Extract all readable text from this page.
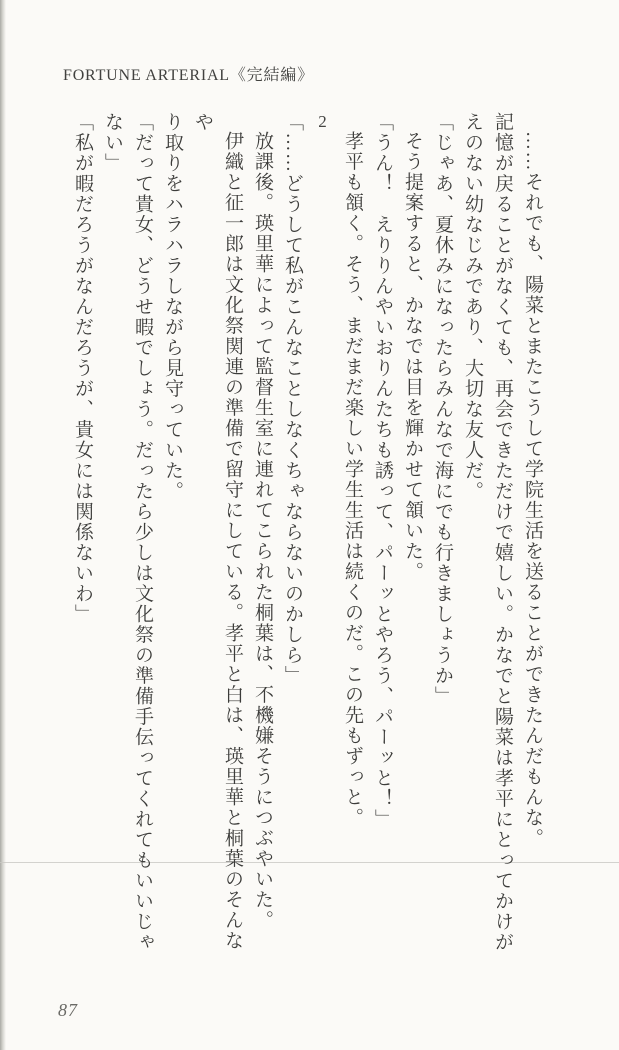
FORTUNE ARTERIAL《完結編》

……それでも、陽菜とまたこうして学院生活を送ることができたんだもんな。

記憶が戻ることがなくても、再会できただけで嬉しい。かなでと陽菜は孝平にとってかけが

えのない幼なじみであり、大切な友人だ。

「じゃあ、夏休みになったらみんなで海にでも行きましょうか」

そう提案すると、かなでは目を輝かせて頷いた。

「うん！　えりりんやいおりんたちも誘って、パーッとやろう、パーッと！」

孝平も頷く。そう、まだまだ楽しい学生生活は続くのだ。この先もずっと。

2

「……どうして私がこんなことしなくちゃならないのかしら」

放課後。瑛里華によって監督生室に連れてこられた桐葉は、不機嫌そうにつぶやいた。

伊織と征一郎は文化祭関連の準備で留守にしている。孝平と白は、瑛里華と桐葉のそんなや

り取りをハラハラしながら見守っていた。

「だって貴女、どうせ暇でしょう。だったら少しは文化祭の準備手伝ってくれてもいいじゃ

ない」

「私が暇だろうがなんだろうが、貴女には関係ないわ」

87
